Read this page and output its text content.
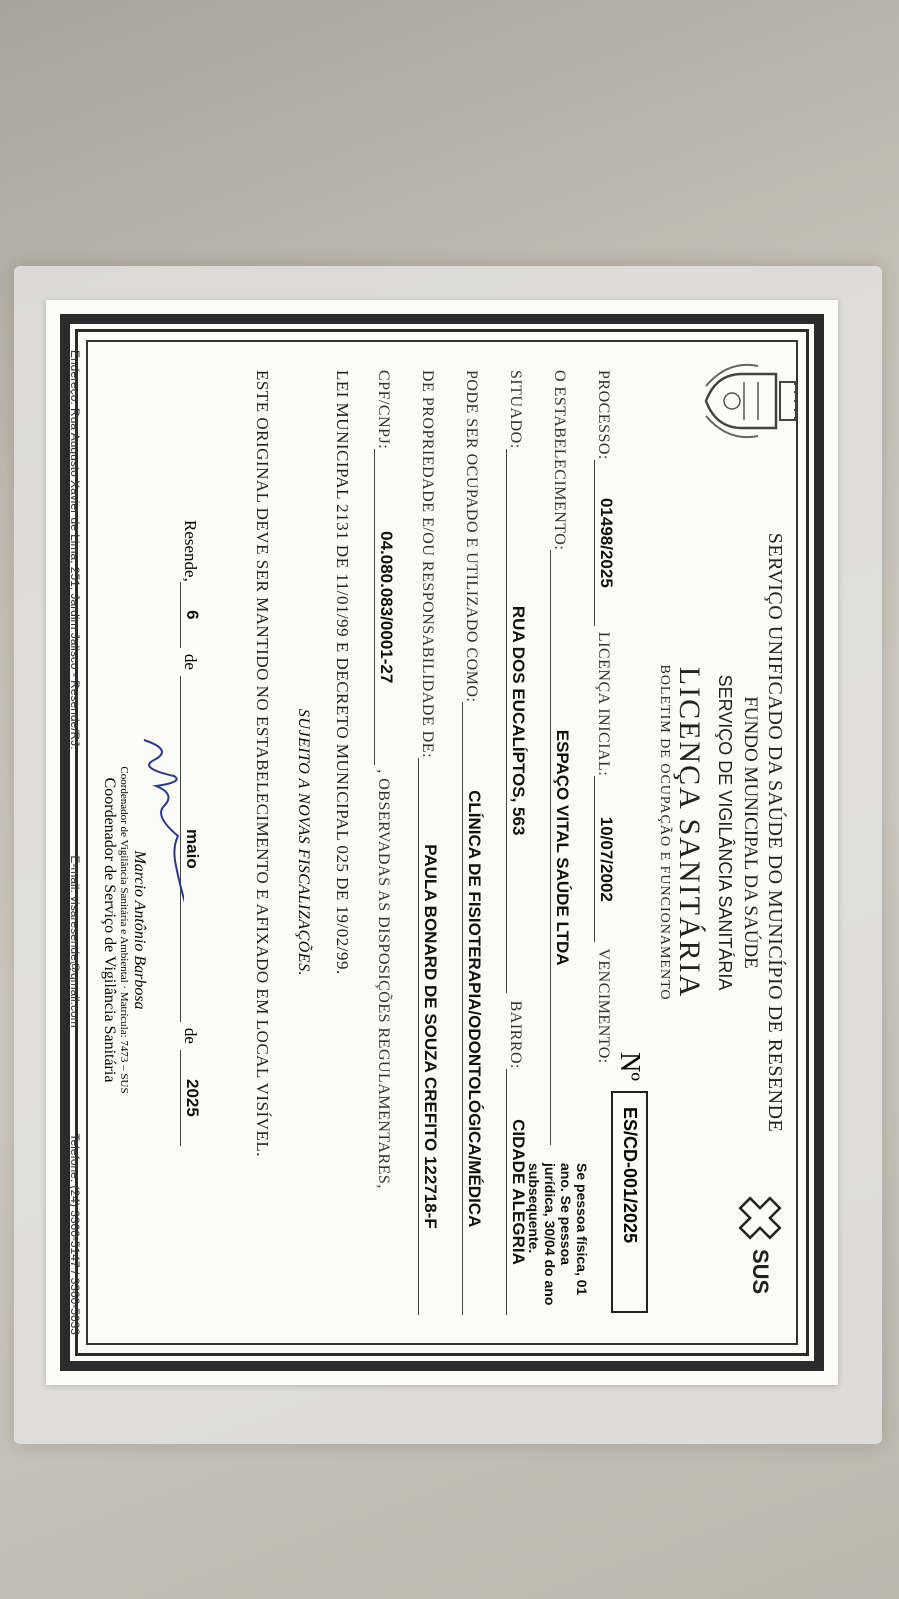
SUS
SERVIÇO UNIFICADO DA SAÚDE DO MUNICÍPIO DE RESENDE
FUNDO MUNICIPAL DA SAÚDE
SERVIÇO DE VIGILÂNCIA SANITÁRIA
LICENÇA SANITÁRIA
BOLETIM DE OCUPAÇÃO E FUNCIONAMENTO
Nº
ES/CD-001/2025
PROCESSO:
01498/2025
LICENÇA INICIAL:
10/07/2002
VENCIMENTO:
Se pessoa física, 01 ano. Se pessoa jurídica, 30/04 do ano subsequente.
O ESTABELECIMENTO:
ESPAÇO VITAL SAÚDE LTDA
SITUADO:
RUA DOS EUCALÍPTOS, 563
BAIRRO:
CIDADE ALEGRIA
PODE SER OCUPADO E UTILIZADO COMO:
CLÍNICA DE FISIOTERAPIA/ODONTOLÓGICA/MÉDICA
DE PROPRIEDADE E/OU RESPONSABILIDADE DE:
PAULA BONARD DE SOUZA CREFITO 122718-F
CPF/CNPJ:
04.080.083/0001-27
, OBSERVADAS AS DISPOSIÇÕES REGULAMENTARES,
LEI MUNICIPAL 2131 DE 11/01/99 E DECRETO MUNICIPAL 025 DE 19/02/99.
SUJEITO A NOVAS FISCALIZAÇÕES.
ESTE ORIGINAL DEVE SER MANTIDO NO ESTABELECIMENTO E AFIXADO EM LOCAL VISÍVEL.
Resende,
6
de
maio
de
2025
Marcio Antônio Barbosa
Coordenador de Vigilância Sanitária e Ambiental · Matrícula: 7473 – SUS
Coordenador de Serviço de Vigilância Sanitária
Endereço: Rua Augusto Xavier de Lima, 251, Jardim Jalisco - Resende/RJ.
E-mail: visaresende@gmail.com
Telefone: (24) 3360-5147 / 3360-5033
